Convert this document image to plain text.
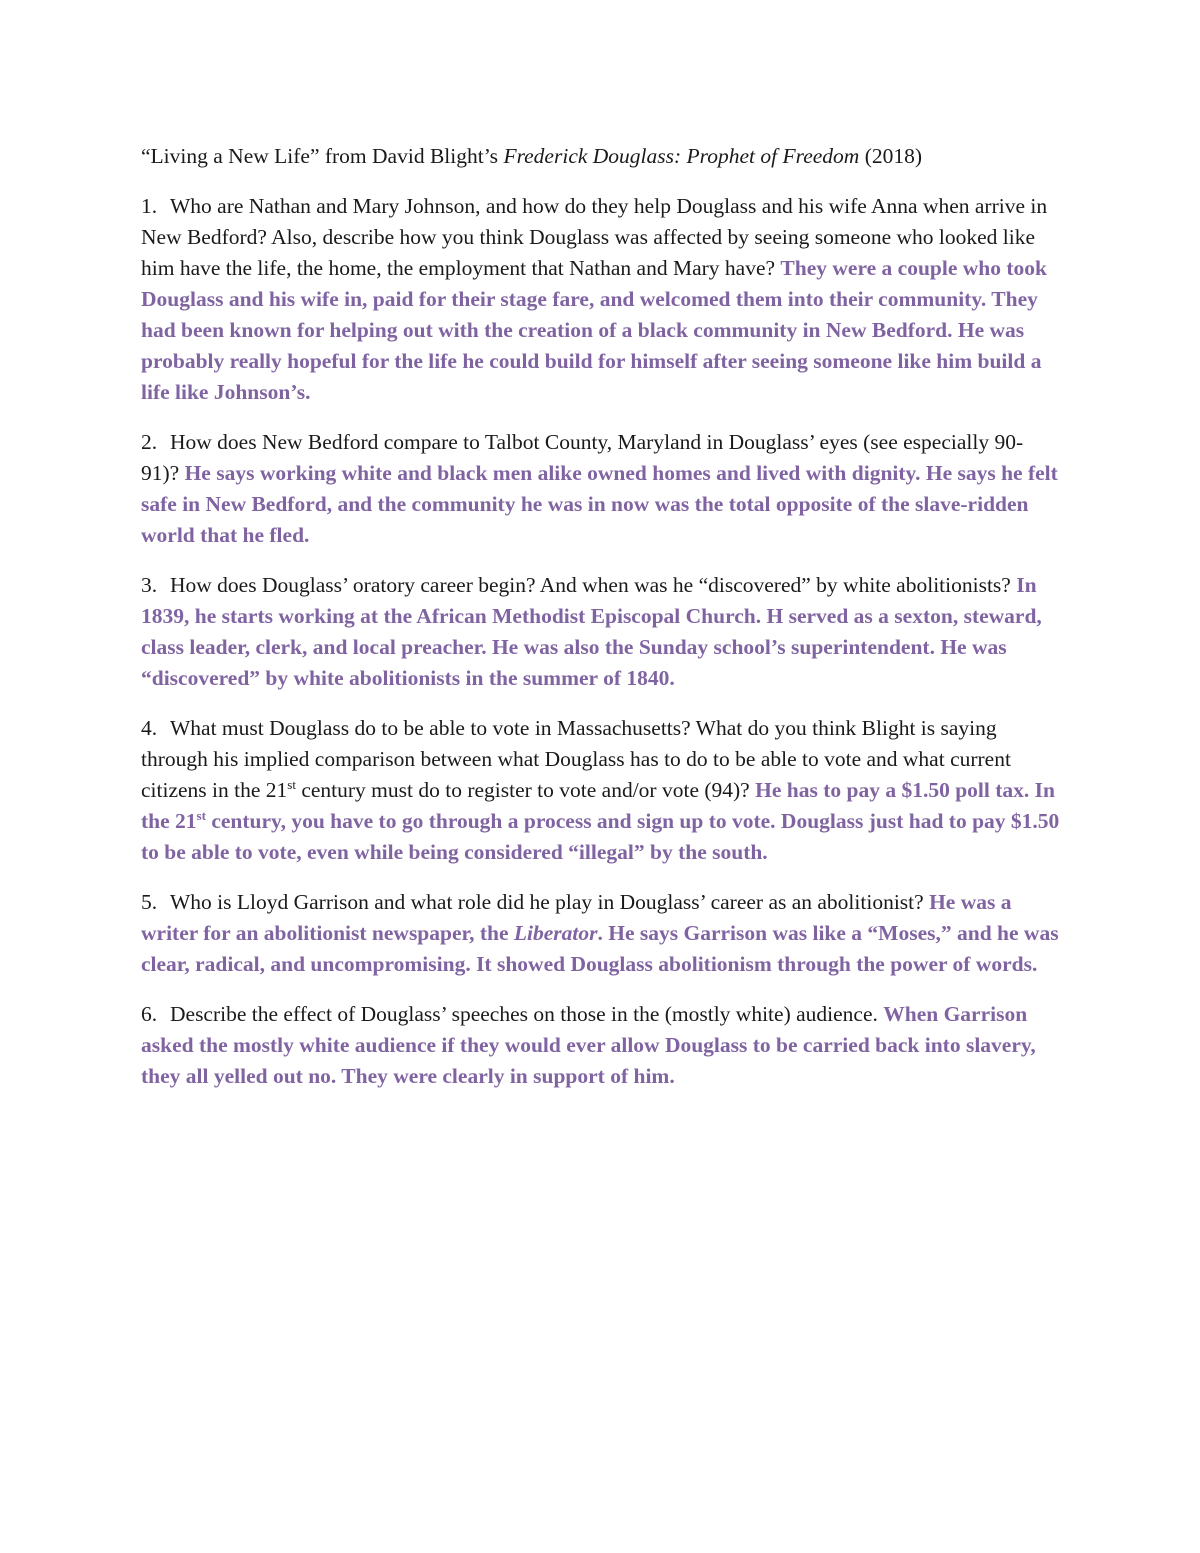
“Living a New Life” from David Blight’s Frederick Douglass: Prophet of Freedom (2018)

1. Who are Nathan and Mary Johnson, and how do they help Douglass and his wife Anna when arrive in New Bedford? Also, describe how you think Douglass was affected by seeing someone who looked like him have the life, the home, the employment that Nathan and Mary have? They were a couple who took Douglass and his wife in, paid for their stage fare, and welcomed them into their community. They had been known for helping out with the creation of a black community in New Bedford. He was probably really hopeful for the life he could build for himself after seeing someone like him build a life like Johnson’s.

2. How does New Bedford compare to Talbot County, Maryland in Douglass’ eyes (see especially 90-91)? He says working white and black men alike owned homes and lived with dignity. He says he felt safe in New Bedford, and the community he was in now was the total opposite of the slave-ridden world that he fled.

3. How does Douglass’ oratory career begin? And when was he “discovered” by white abolitionists? In 1839, he starts working at the African Methodist Episcopal Church. H served as a sexton, steward, class leader, clerk, and local preacher. He was also the Sunday school’s superintendent. He was “discovered” by white abolitionists in the summer of 1840.

4. What must Douglass do to be able to vote in Massachusetts? What do you think Blight is saying through his implied comparison between what Douglass has to do to be able to vote and what current citizens in the 21st century must do to register to vote and/or vote (94)? He has to pay a $1.50 poll tax. In the 21st century, you have to go through a process and sign up to vote. Douglass just had to pay $1.50 to be able to vote, even while being considered “illegal” by the south.

5. Who is Lloyd Garrison and what role did he play in Douglass’ career as an abolitionist? He was a writer for an abolitionist newspaper, the Liberator. He says Garrison was like a “Moses,” and he was clear, radical, and uncompromising. It showed Douglass abolitionism through the power of words.

6. Describe the effect of Douglass’ speeches on those in the (mostly white) audience. When Garrison asked the mostly white audience if they would ever allow Douglass to be carried back into slavery, they all yelled out no. They were clearly in support of him.
